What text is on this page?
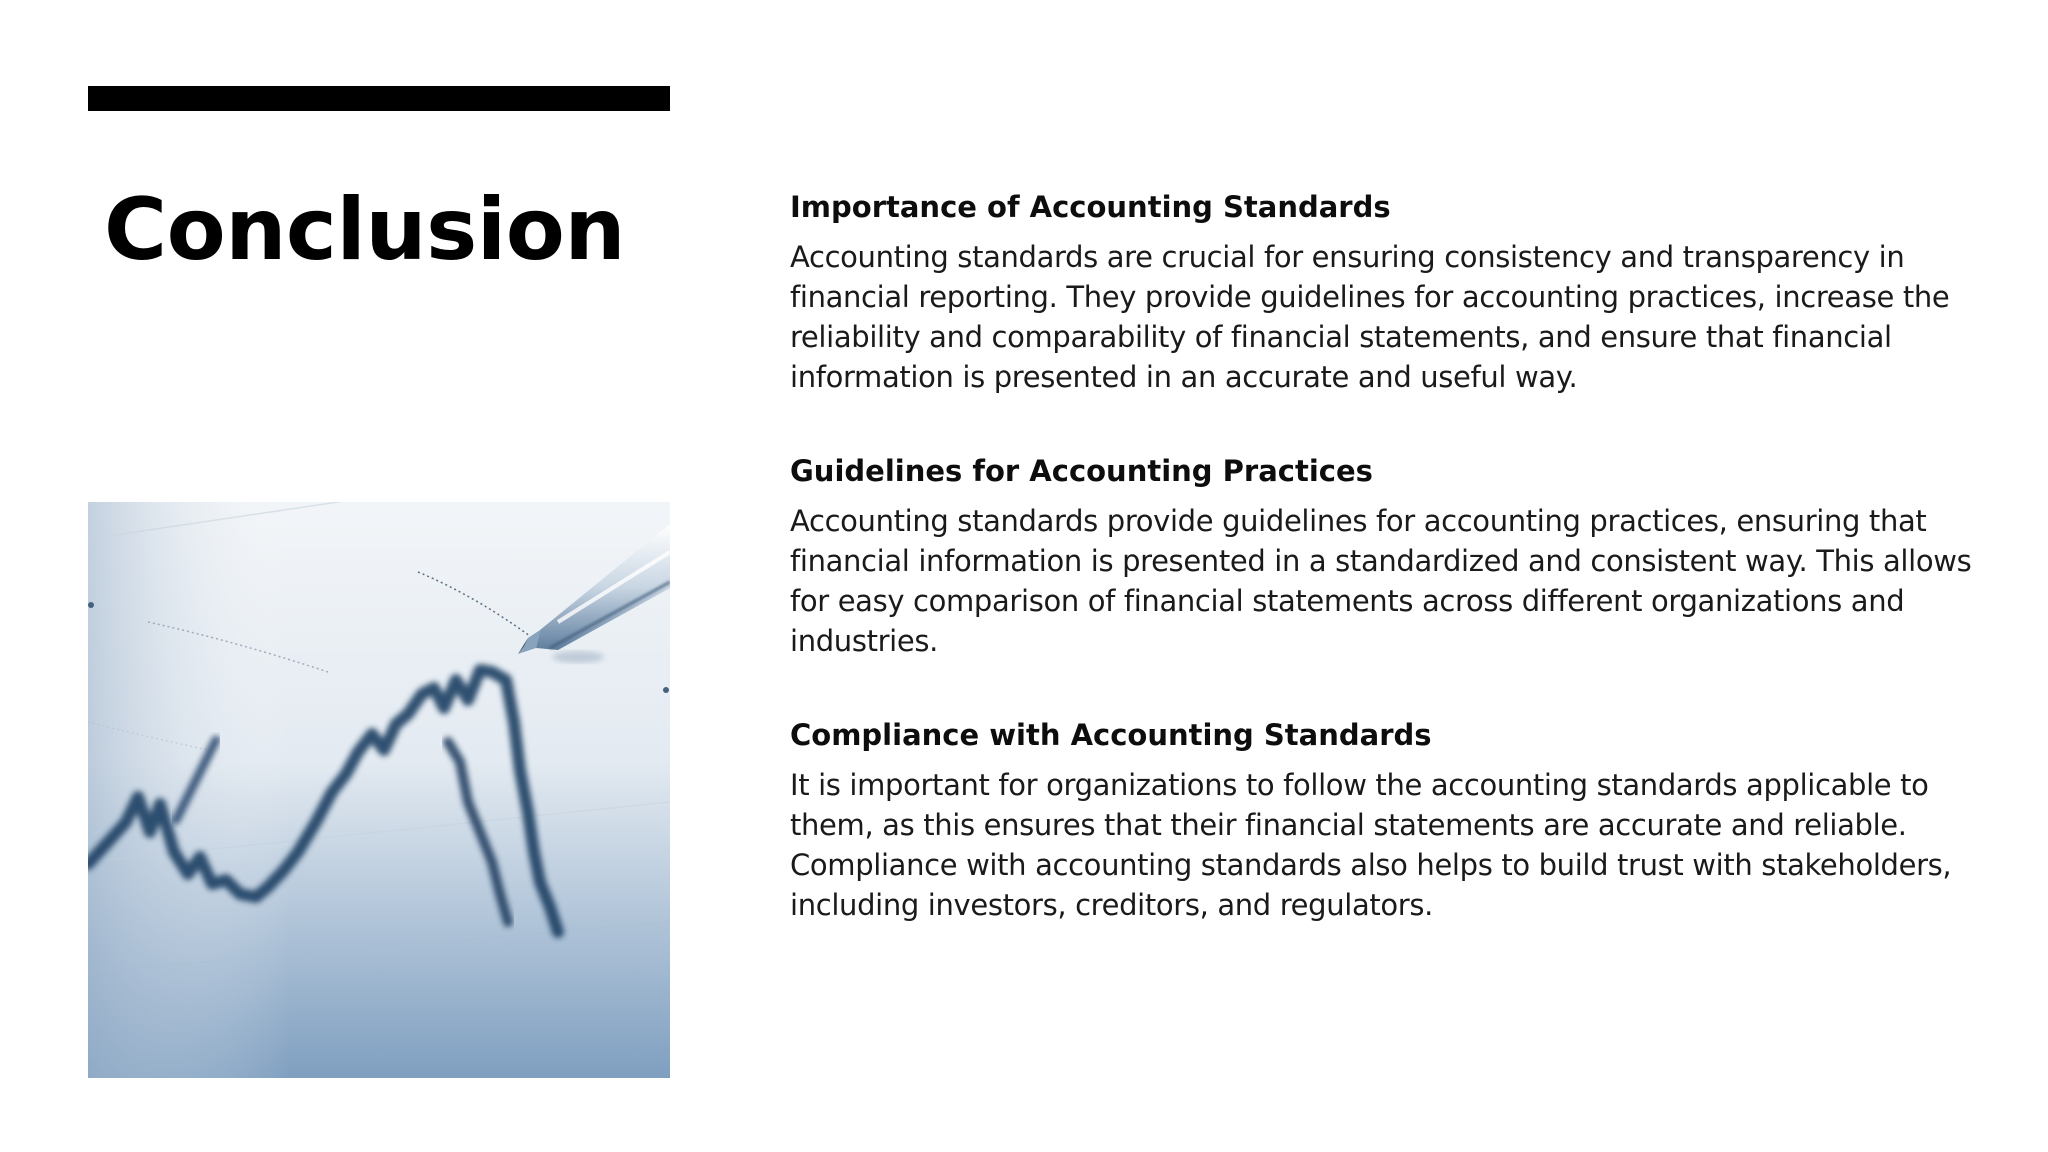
Conclusion	Importance of Accounting Standards

Accounting standards are crucial for ensuring consistency and transparency in financial reporting. They provide guidelines for accounting practices, increase the reliability and comparability of financial statements, and ensure that financial information is presented in an accurate and useful way.

Guidelines for Accounting Practices

Accounting standards provide guidelines for accounting practices, ensuring that financial information is presented in a standardized and consistent way. This allows for easy comparison of financial statements across different organizations and industries.

Compliance with Accounting Standards

It is important for organizations to follow the accounting standards applicable to them, as this ensures that their financial statements are accurate and reliable. Compliance with accounting standards also helps to build trust with stakeholders, including investors, creditors, and regulators.
